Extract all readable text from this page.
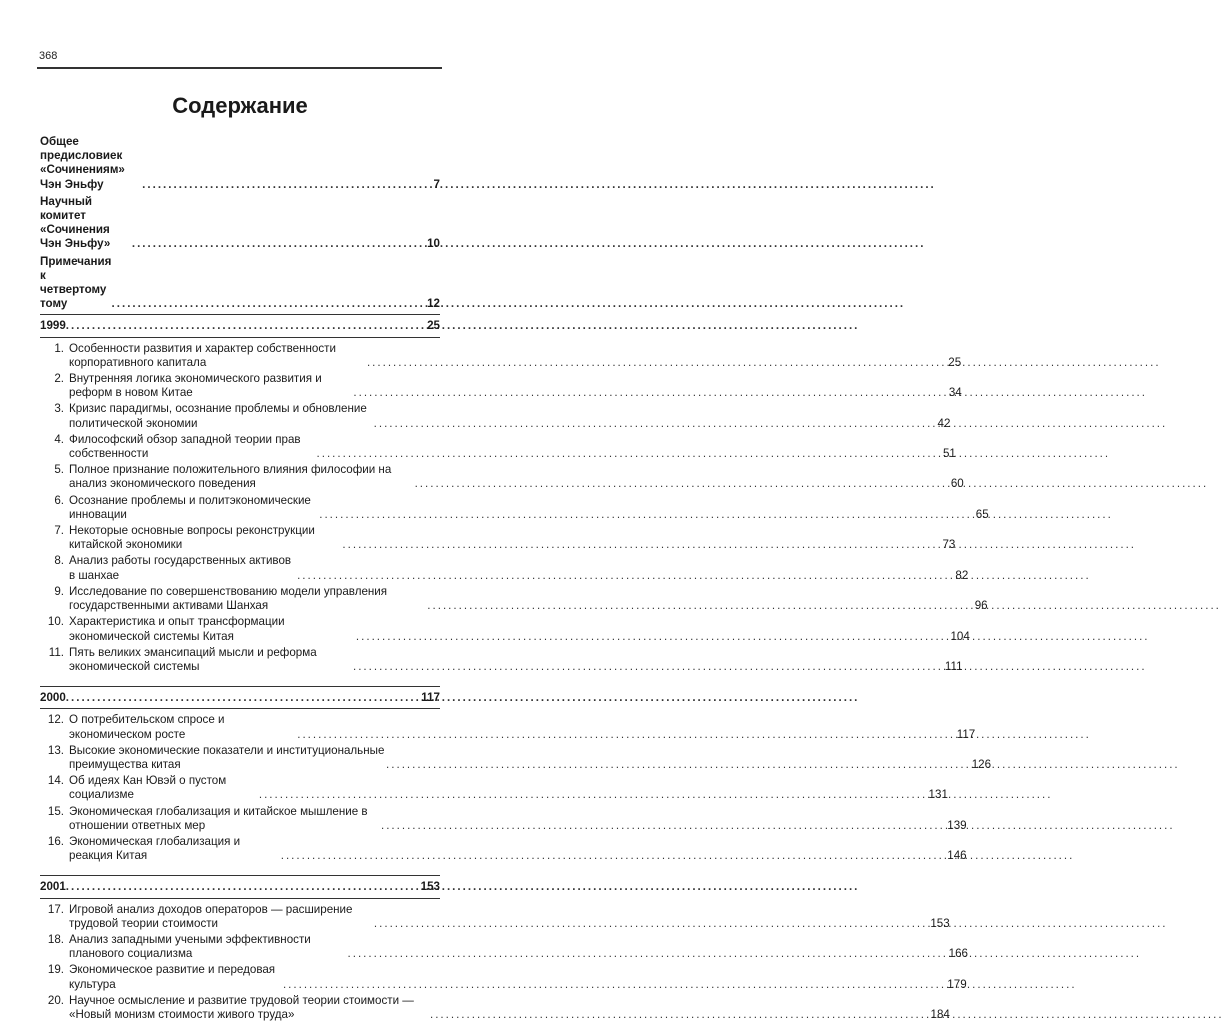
368
Содержание
Общее предисловиек «Сочинениям» Чэн Эньфу .....	7
Научный комитет «Сочинения Чэн Эньфу» .....	10
Примечания к четвертому тому .....	12
1999 .....	25
1. Особенности развития и характер собственности корпоративного капитала .....	25
2. Внутренняя логика экономического развития и реформ в новом Китае .....	34
3. Кризис парадигмы, осознание проблемы и обновление политической экономии .....	42
4. Философский обзор западной теории прав собственности .....	51
5. Полное признание положительного влияния философии на анализ экономического поведения .....	60
6. Осознание проблемы и политэкономические инновации .....	65
7. Некоторые основные вопросы реконструкции китайской экономики .....	73
8. Анализ работы государственных активов в шанхае .....	82
9. Исследование по совершенствованию модели управления государственными активами Шанхая .....	96
10. Характеристика и опыт трансформации экономической системы Китая .....	104
11. Пять великих эмансипаций мысли и реформа экономической системы .....	111
2000 .....	117
12. О потребительском спросе и экономическом росте .....	117
13. Высокие экономические показатели и институциональные преимущества китая .....	126
14. Об идеях Кан Ювэй о пустом социализме .....	131
15. Экономическая глобализация и китайское мышление в отношении ответных мер .....	139
16. Экономическая глобализация и реакция Китая .....	146
2001 .....	153
17. Игровой анализ доходов операторов — расширение трудовой теории стоимости .....	153
18. Анализ западными учеными эффективности планового социализма .....	166
19. Экономическое развитие и передовая культура .....	179
20. Научное осмысление и развитие трудовой теории стоимости — «Новый монизм стоимости живого труда» .....	184
